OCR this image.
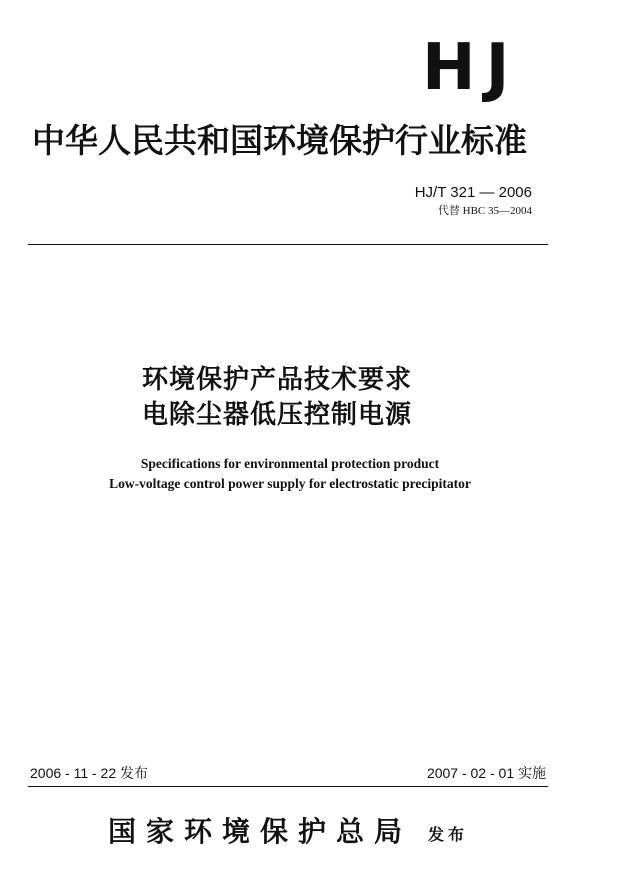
HJ
中华人民共和国环境保护行业标准
HJ/T 321 — 2006
代替 HBC 35—2004
环境保护产品技术要求
电除尘器低压控制电源
Specifications for environmental protection product
Low-voltage control power supply for electrostatic precipitator
2006 - 11 - 22 发布	2007 - 02 - 01 实施
国家环境保护总局 发布
